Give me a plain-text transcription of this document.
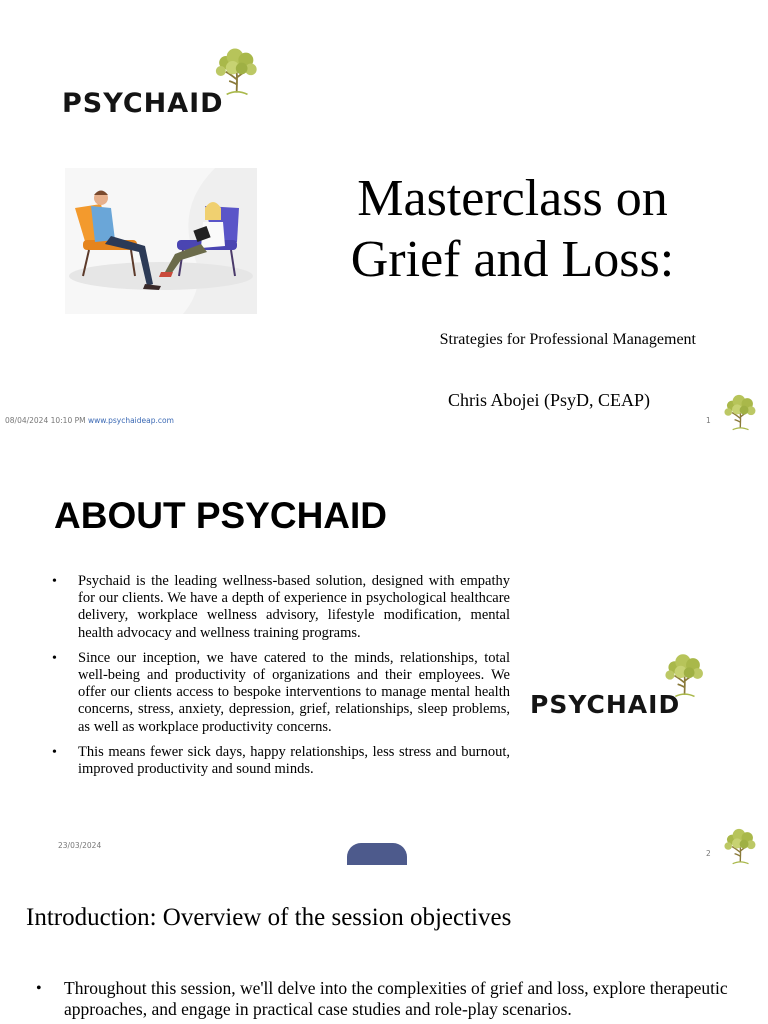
PSYCHAID
Masterclass on
Grief and Loss:
Strategies for Professional Management
Chris Abojei (PsyD, CEAP)
08/04/2024 10:10 PM www.psychaideap.com	1
ABOUT PSYCHAID
• Psychaid is the leading wellness-based solution, designed with empathy for our clients. We have a depth of experience in psychological healthcare delivery, workplace wellness advisory, lifestyle modification, mental health advocacy and wellness training programs.
• Since our inception, we have catered to the minds, relationships, total well-being and productivity of organizations and their employees. We offer our clients access to bespoke interventions to manage mental health concerns, stress, anxiety, depression, grief, relationships, sleep problems, as well as workplace productivity concerns.
• This means fewer sick days, happy relationships, less stress and burnout, improved productivity and sound minds.
PSYCHAID
23/03/2024
2
Introduction: Overview of the session objectives
• Throughout this session, we'll delve into the complexities of grief and loss, explore therapeutic approaches, and engage in practical case studies and role-play scenarios.
